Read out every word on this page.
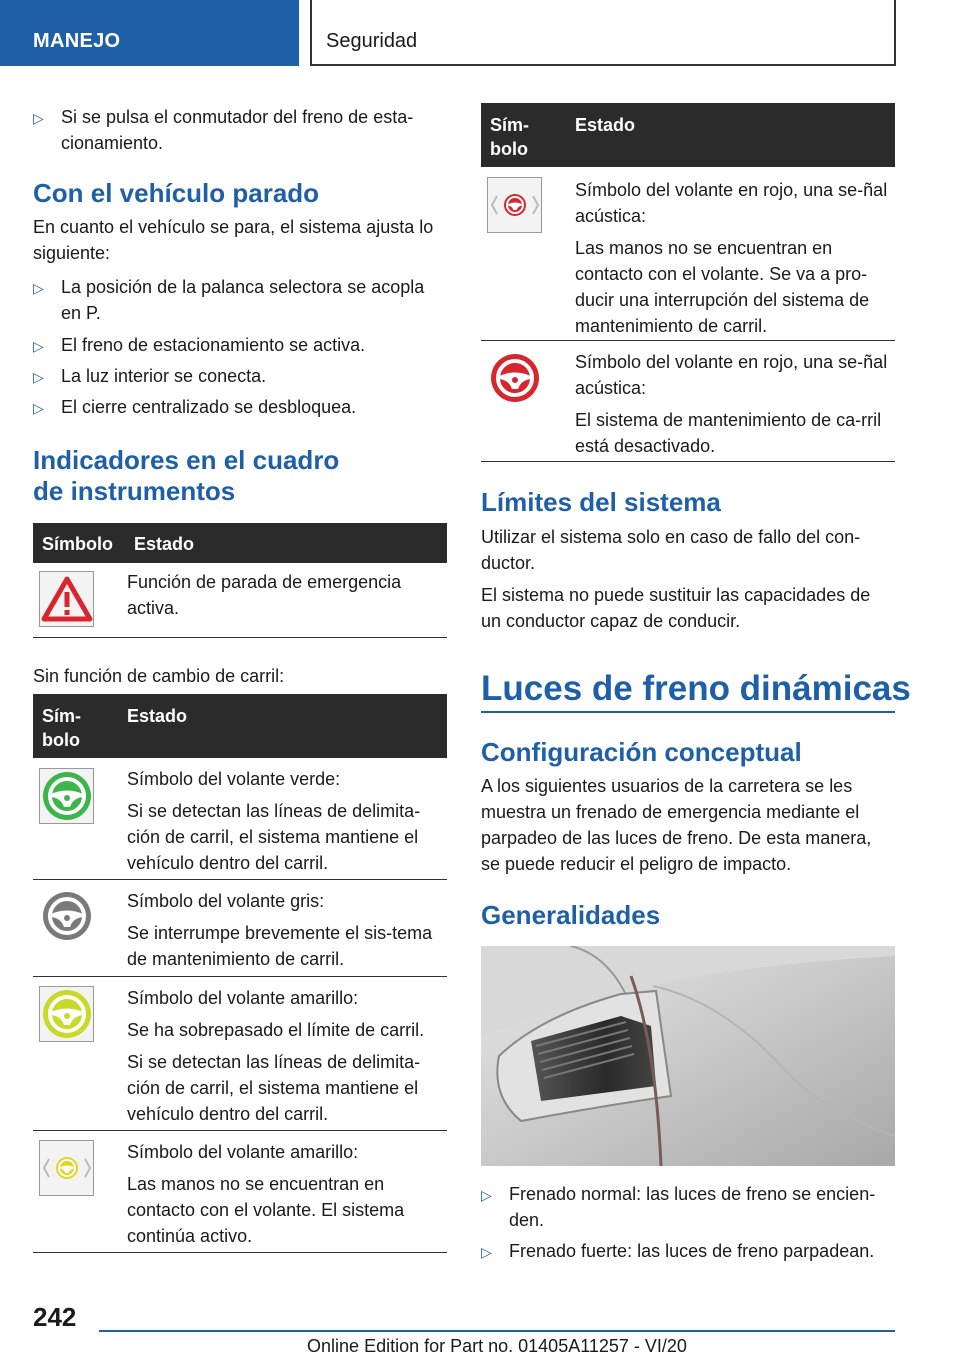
MANEJO	Seguridad
▷ Si se pulsa el conmutador del freno de esta-cionamiento.
Con el vehículo parado
En cuanto el vehículo se para, el sistema ajusta lo siguiente:
▷ La posición de la palanca selectora se acopla en P.
▷ El freno de estacionamiento se activa.
▷ La luz interior se conecta.
▷ El cierre centralizado se desbloquea.
Indicadores en el cuadro de instrumentos
Símbolo Estado

Función de parada de emergencia activa.

Sin función de cambio de carril:
Sím-bolo
Estado

Símbolo del volante verde:

Si se detectan las líneas de delimita-ción de carril, el sistema mantiene el vehículo dentro del carril.

Símbolo del volante gris:

Se interrumpe brevemente el sis-tema de mantenimiento de carril.

Símbolo del volante amarillo:

Se ha sobrepasado el límite de carril.

Si se detectan las líneas de delimita-ción de carril, el sistema mantiene el vehículo dentro del carril.

Símbolo del volante amarillo:

Las manos no se encuentran en contacto con el volante. El sistema continúa activo.

Sím-bolo
Estado

Símbolo del volante en rojo, una se-ñal acústica:

Las manos no se encuentran en contacto con el volante. Se va a pro-ducir una interrupción del sistema de mantenimiento de carril.

Símbolo del volante en rojo, una se-ñal acústica:

El sistema de mantenimiento de ca-rril está desactivado.

Límites del sistema
Utilizar el sistema solo en caso de fallo del con-ductor.
El sistema no puede sustituir las capacidades de un conductor capaz de conducir.
Luces de freno dinámicas
Configuración conceptual
A los siguientes usuarios de la carretera se les muestra un frenado de emergencia mediante el parpadeo de las luces de freno. De esta manera, se puede reducir el peligro de impacto.
Generalidades
▷ Frenado normal: las luces de freno se encien-den.
▷ Frenado fuerte: las luces de freno parpadean.
242
Online Edition for Part no. 01405A11257 - VI/20
